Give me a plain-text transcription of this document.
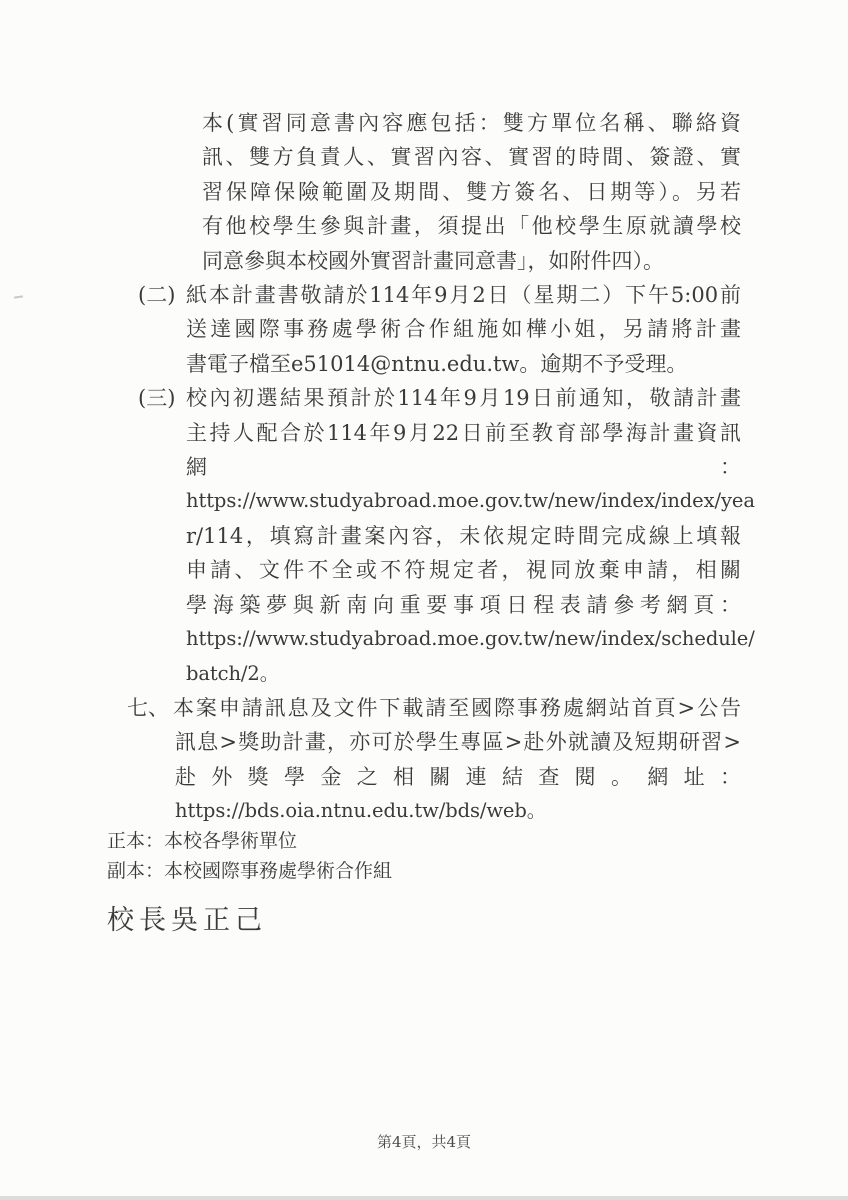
本(實習同意書內容應包括：雙方單位名稱、聯絡資
訊、雙方負責人、實習內容、實習的時間、簽證、實
習保障保險範圍及期間、雙方簽名、日期等）。另若
有他校學生參與計畫，須提出「他校學生原就讀學校
同意參與本校國外實習計畫同意書」，如附件四）。
(二) 紙本計畫書敬請於114年9月2日（星期二）下午5:00前
送達國際事務處學術合作組施如樺小姐，另請將計畫
書電子檔至e51014@ntnu.edu.tw。逾期不予受理。
(三) 校內初選結果預計於114年9月19日前通知，敬請計畫
主持人配合於114年9月22日前至教育部學海計畫資訊
網	：
https://www.studyabroad.moe.gov.tw/new/index/index/yea
r/114，填寫計畫案內容，未依規定時間完成線上填報
申請、文件不全或不符規定者，視同放棄申請，相關
學海築夢與新南向重要事項日程表請參考網頁：
https://www.studyabroad.moe.gov.tw/new/index/schedule/
batch/2。
七、 本案申請訊息及文件下載請至國際事務處網站首頁>公告
訊息>獎助計畫，亦可於學生專區>赴外就讀及短期研習>
赴外獎學金之相關連結查閱。網址：
https://bds.oia.ntnu.edu.tw/bds/web。
正本：本校各學術單位
副本：本校國際事務處學術合作組
校長吳正己
第4頁，共4頁
